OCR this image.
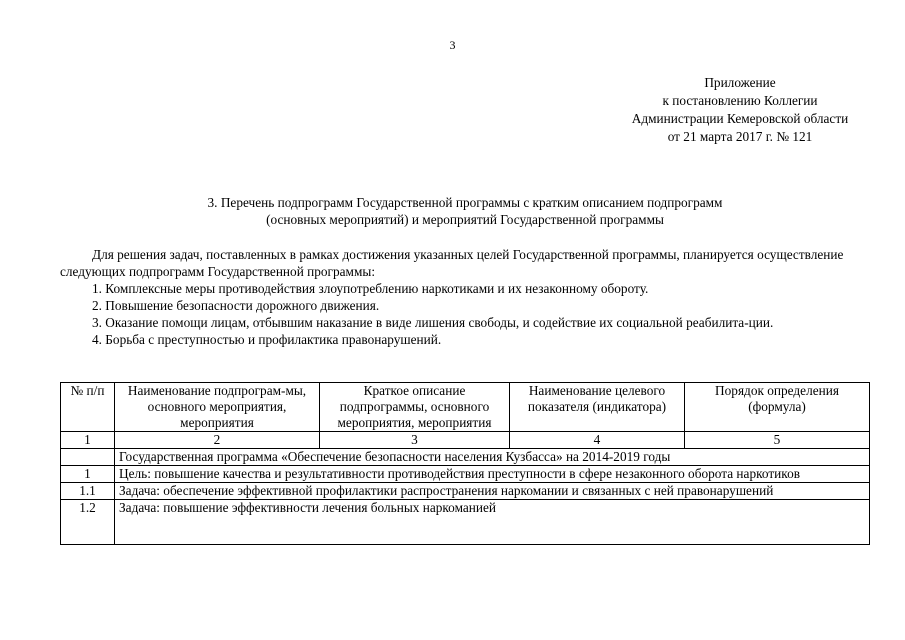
3
Приложение
к постановлению Коллегии
Администрации Кемеровской области
от 21 марта 2017 г. № 121
3. Перечень подпрограмм Государственной программы с кратким описанием подпрограмм
(основных мероприятий) и мероприятий Государственной программы

Для решения задач, поставленных в рамках достижения указанных целей Государственной программы, планируется осуществление следующих подпрограмм Государственной программы:

1. Комплексные меры противодействия злоупотреблению наркотиками и их незаконному обороту.

2. Повышение безопасности дорожного движения.

3. Оказание помощи лицам, отбывшим наказание в виде лишения свободы, и содействие их социальной реабилита-ции.

4. Борьба с преступностью и профилактика правонарушений.

№ п/п	Наименование подпрограм-мы, основного мероприятия, мероприятия	Краткое описание подпрограммы, основного мероприятия, мероприятия	Наименование целевого показателя (индикатора)	Порядок определения (формула)
1	2	3	4	5
	Государственная программа «Обеспечение безопасности населения Кузбасса» на 2014-2019 годы			
1	Цель: повышение качества и результативности противодействия преступности в сфере незаконного оборота наркотиков			
1.1	Задача: обеспечение эффективной профилактики распространения наркомании и связанных с ней правонарушений			
1.2	Задача: повышение эффективности лечения больных наркоманией			
